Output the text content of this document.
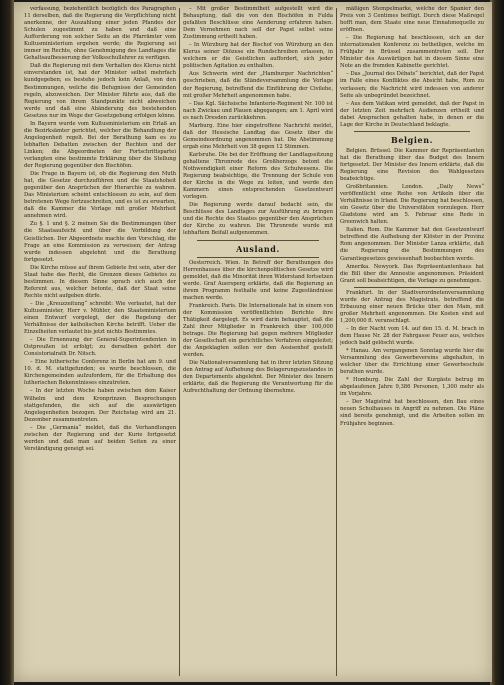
verfassung, beziehentlich bezüglich des Paragraphen 11 derselben, daß die Regierung die Verpflichtung nicht anerkenne, der Auszahlung einer jeden Pfandes der Schulen zugestimmt zu haben und daß eine Aufforderung von solcher Seite an die Pfarrämter vom Kultusministerium ergehen werde; die Regierung sei immer im Rechte, ohne Genehmigung des Landtages die Gehaltsaufbesserung der Volksschullehrer zu verfügen.

Daß die Regierung mit dem Verhalten des Klerus nicht einverstanden ist, hat der Minister selbst mehrfach kundgegeben; es bestehe jedoch kein Anlaß, von den Bestimmungen, welche die Befugnisse der Gemeinden regeln, abzuweichen. Der Minister führte aus, daß die Regierung von ihrem Standpunkte nicht abweichen werde und daß eine Abänderung des bestehenden Gesetzes nur im Wege der Gesetzgebung erfolgen könne.

In Bayern wurde vom Kultusministerium ein Erlaß an die Bezirksämter gerichtet, welcher die Behandlung der Angelegenheit regelt. Bei der Berathung kam es zu lebhaften Debatten zwischen der Rechten und der Linken; die Abgeordneten der Fortschrittspartei verlangten eine bestimmte Erklärung über die Stellung der Regierung gegenüber den Bischöfen.

Die Frage in Bayern ist, ob die Regierung den Muth hat, die Gesetze durchzuführen und die Staatshoheit gegenüber den Ansprüchen der Hierarchie zu wahren. Das Ministerium scheint entschlossen zu sein, auf dem betretenen Wege fortzuschreiten, und es ist zu erwarten, daß die Kammer die Vorlage mit großer Mehrheit annehmen wird.

Zu §. 1 und §. 2 meinen Sie die Bestimmungen über die Staatsaufsicht und über die Vorbildung der Geistlichen. Der Abgeordnete machte den Vorschlag, die Frage an eine Kommission zu verweisen; der Antrag wurde indessen abgelehnt und die Berathung fortgesetzt.

Die Kirche müsse auf ihrem Gebiete frei sein, aber der Staat habe das Recht, die Grenzen dieses Gebietes zu bestimmen. In diesem Sinne sprach sich auch der Referent aus, welcher betonte, daß der Staat seine Rechte nicht aufgeben dürfe.

– Die „Kreuzzeitung“ schreibt: Wie verlautet, hat der Kultusminister, Herr v. Mühler, den Staatsministerium einen Entwurf vorgelegt, der die Regelung der Verhältnisse der katholischen Kirche betrifft. Ueber die Einzelheiten verlautet bis jetzt nichts Bestimmtes.

– Die Ernennung der General-Superintendenten in Ostpreußen ist erfolgt; zu derselben gehört der Consistorialrath Dr. Nitsch.

– Eine lutherische Conferenz in Berlin hat am 9. und 10. d. M. stattgefunden; es wurde beschlossen, die Kirchengemeinden aufzufordern, für die Erhaltung des lutherischen Bekenntnisses einzutreten.

– In der letzten Woche haben zwischen dem Kaiser Wilhelm und dem Kronprinzen Besprechungen stattgefunden, die sich auf die auswärtigen Angelegenheiten bezogen. Der Reichstag wird am 21. Dezember zusammentreten.

– Die „Germania“ meldet, daß die Verhandlungen zwischen der Regierung und der Kurie fortgesetzt werden und daß man auf beiden Seiten zu einer Verständigung geneigt sei.

– Mit großer Bestimmtheit aufgestellt wird die Behauptung, daß die von den Bischöfen in Fulda gefaßten Beschlüsse eine Aenderung erfahren haben. Dem Vernehmen nach soll der Papst selbst seine Zustimmung ertheilt haben.

– In Würzburg hat der Bischof von Würzburg an den Klerus seiner Diözese ein Rundschreiben erlassen, in welchem er die Geistlichen auffordert, sich jeder politischen Agitation zu enthalten.

Aus Schwerin wird der „Hamburger Nachrichten“ geschrieben, daß die Ständeversammlung die Vorlage der Regierung, betreffend die Einführung der Civilehe, mit großer Mehrheit angenommen habe.

– Das Kgl. Sächsische Infanterie-Regiment Nr. 100 ist nach Zwickau und Plauen abgegangen; am 1. April wird es nach Dresden zurückkehren.

Marburg. Eine hier eingetroffene Nachricht meldet, daß der Hessische Landtag das Gesetz über die Gemeindeordnung angenommen hat. Die Abstimmung ergab eine Mehrheit von 38 gegen 12 Stimmen.

Karlsruhe. Die bei der Eröffnung der Landtagssitzung gehaltene Thronrede des Großherzogs betont die Nothwendigkeit einer Reform des Schulwesens. Die Regierung beabsichtige, die Trennung der Schule von der Kirche in die Wege zu leiten, und werde den Kammern einen entsprechenden Gesetzentwurf vorlegen.

Die Regierung werde darauf bedacht sein, die Beschlüsse des Landtages zur Ausführung zu bringen und die Rechte des Staates gegenüber den Ansprüchen der Kirche zu wahren. Die Thronrede wurde mit lebhaftem Beifall aufgenommen.

Ausland.

Oesterreich. Wien. In Betreff der Berathungen des Herrenhauses über die kirchenpolitischen Gesetze wird gemeldet, daß die Minorität ihren Widerstand fortsetzen werde. Graf Auersperg erklärte, daß die Regierung an ihrem Programm festhalte und keine Zugeständnisse machen werde.

Frankreich. Paris. Die Internationale hat in einem von der Kommission veröffentlichten Berichte ihre Thätigkeit dargelegt. Es wird darin behauptet, daß die Zahl ihrer Mitglieder in Frankreich über 100,000 betrage. Die Regierung hat gegen mehrere Mitglieder der Gesellschaft ein gerichtliches Verfahren eingeleitet; die Angeklagten sollen vor den Assisenhof gestellt werden.

Die Nationalversammlung hat in ihrer letzten Sitzung den Antrag auf Aufhebung des Belagerungszustandes in den Departements abgelehnt. Der Minister des Innern erklärte, daß die Regierung die Verantwortung für die Aufrechthaltung der Ordnung übernehme.

mäßigen Stempelmarke, welche der Spanier den Preis von 3 Centimes beifügt. Durch diese Maßregel hofft man, dem Staate eine neue Einnahmequelle zu eröffnen.

– Die Regierung hat beschlossen, sich an der internationalen Konferenz zu betheiligen, welche im Frühjahr in Brüssel zusammentreten soll. Der Minister des Auswärtigen hat in diesem Sinne eine Note an die fremden Kabinette gerichtet.

– Das „Journal des Débats“ berichtet, daß der Papst im Falle eines Konfliktes die Absicht habe, Rom zu verlassen; die Nachricht wird indessen von anderer Seite als unbegründet bezeichnet.

– Aus dem Vatikan wird gemeldet, daß der Papst in der letzten Zeit mehrfach Audienzen ertheilt und dabei Ansprachen gehalten habe, in denen er die Lage der Kirche in Deutschland beklagte.

Belgien.

Belgien. Brüssel. Die Kammer der Repräsentanten hat die Berathung über das Budget des Innern fortgesetzt. Der Minister des Innern erklärte, daß die Regierung eine Revision des Wahlgesetzes beabsichtige.

Großbritannien. London. „Daily News“ veröffentlicht eine Reihe von Artikeln über die Verhältnisse in Irland. Die Regierung hat beschlossen, ein Gesetz über die Universitäten vorzulegen. Herr Gladstone wird am 5. Februar eine Rede in Greenwich halten.

Italien. Rom. Die Kammer hat den Gesetzentwurf betreffend die Aufhebung der Klöster in der Provinz Rom angenommen. Der Minister Lanza erklärte, daß die Regierung die Bestimmungen des Garantiegesetzes gewissenhaft beobachten werde.

Amerika. Newyork. Das Repräsentantenhaus hat die Bill über die Amnestie angenommen. Präsident Grant soll beabsichtigen, die Vorlage zu genehmigen.

Frankfurt. In der Stadtverordnetenversammlung wurde der Antrag des Magistrats, betreffend die Erbauung einer neuen Brücke über den Main, mit großer Mehrheit angenommen. Die Kosten sind auf 1,200,000 fl. veranschlagt.

– In der Nacht vom 14. auf den 15. d. M. brach in dem Hause Nr. 28 der Fahrgasse Feuer aus, welches jedoch bald gelöscht wurde.

* Hanau. Am vergangenen Sonntag wurde hier die Versammlung des Gewerbevereins abgehalten, in welcher über die Errichtung einer Gewerbeschule berathen wurde.

* Homburg. Die Zahl der Kurgäste betrug im abgelaufenen Jahre 9,386 Personen, 1,300 mehr als im Vorjahre.

– Der Magistrat hat beschlossen, den Bau eines neuen Schulhauses in Angriff zu nehmen. Die Pläne sind bereits genehmigt, und die Arbeiten sollen im Frühjahre beginnen.
